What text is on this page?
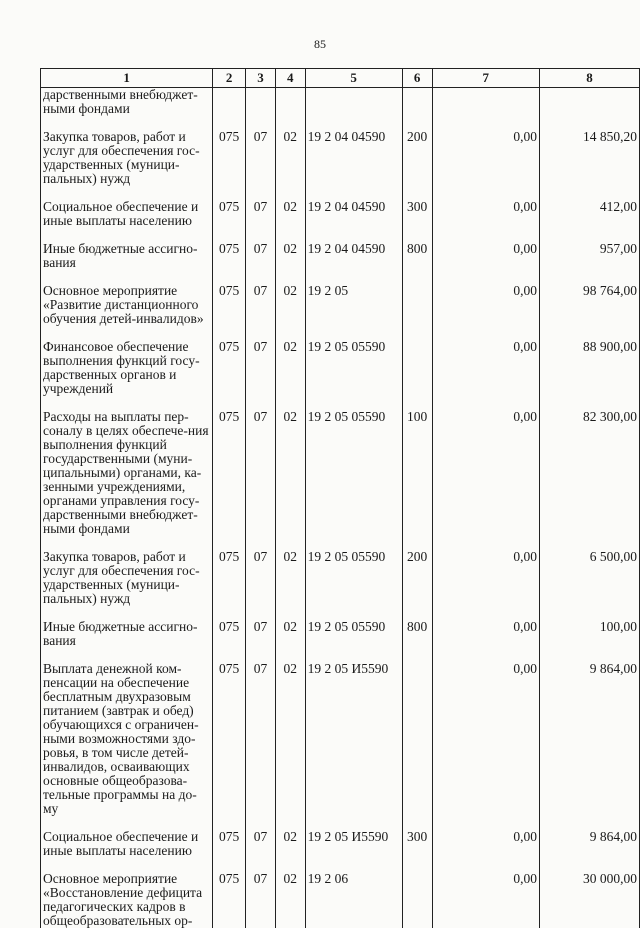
85
1	2	3	4	5	6	7	8
дарственными внебюджет-ными фондами							

Закупка товаров, работ и услуг для обеспечения гос-ударственных (муници-пальных) нужд	075	07	02	19 2 04 04590	200	0,00	14 850,20

Социальное обеспечение и иные выплаты населению	075	07	02	19 2 04 04590	300	0,00	412,00

Иные бюджетные ассигно-вания	075	07	02	19 2 04 04590	800	0,00	957,00

Основное мероприятие «Развитие дистанционного обучения детей-инвалидов»	075	07	02	19 2 05		0,00	98 764,00

Финансовое обеспечение выполнения функций госу-дарственных органов и учреждений	075	07	02	19 2 05 05590		0,00	88 900,00

Расходы на выплаты пер-соналу в целях обеспече-ния выполнения функций государственными (муни-ципальными) органами, ка-зенными учреждениями, органами управления госу-дарственными внебюджет-ными фондами	075	07	02	19 2 05 05590	100	0,00	82 300,00

Закупка товаров, работ и услуг для обеспечения гос-ударственных (муници-пальных) нужд	075	07	02	19 2 05 05590	200	0,00	6 500,00

Иные бюджетные ассигно-вания	075	07	02	19 2 05 05590	800	0,00	100,00

Выплата денежной ком-пенсации на обеспечение бесплатным двухразовым питанием (завтрак и обед) обучающихся с ограничен-ными возможностями здо-ровья, в том числе детей-инвалидов, осваивающих основные общеобразова-тельные программы на до-му	075	07	02	19 2 05 И5590		0,00	9 864,00

Социальное обеспечение и иные выплаты населению	075	07	02	19 2 05 И5590	300	0,00	9 864,00

Основное мероприятие «Восстановление дефицита педагогических кадров в общеобразовательных ор-	075	07	02	19 2 06		0,00	30 000,00
